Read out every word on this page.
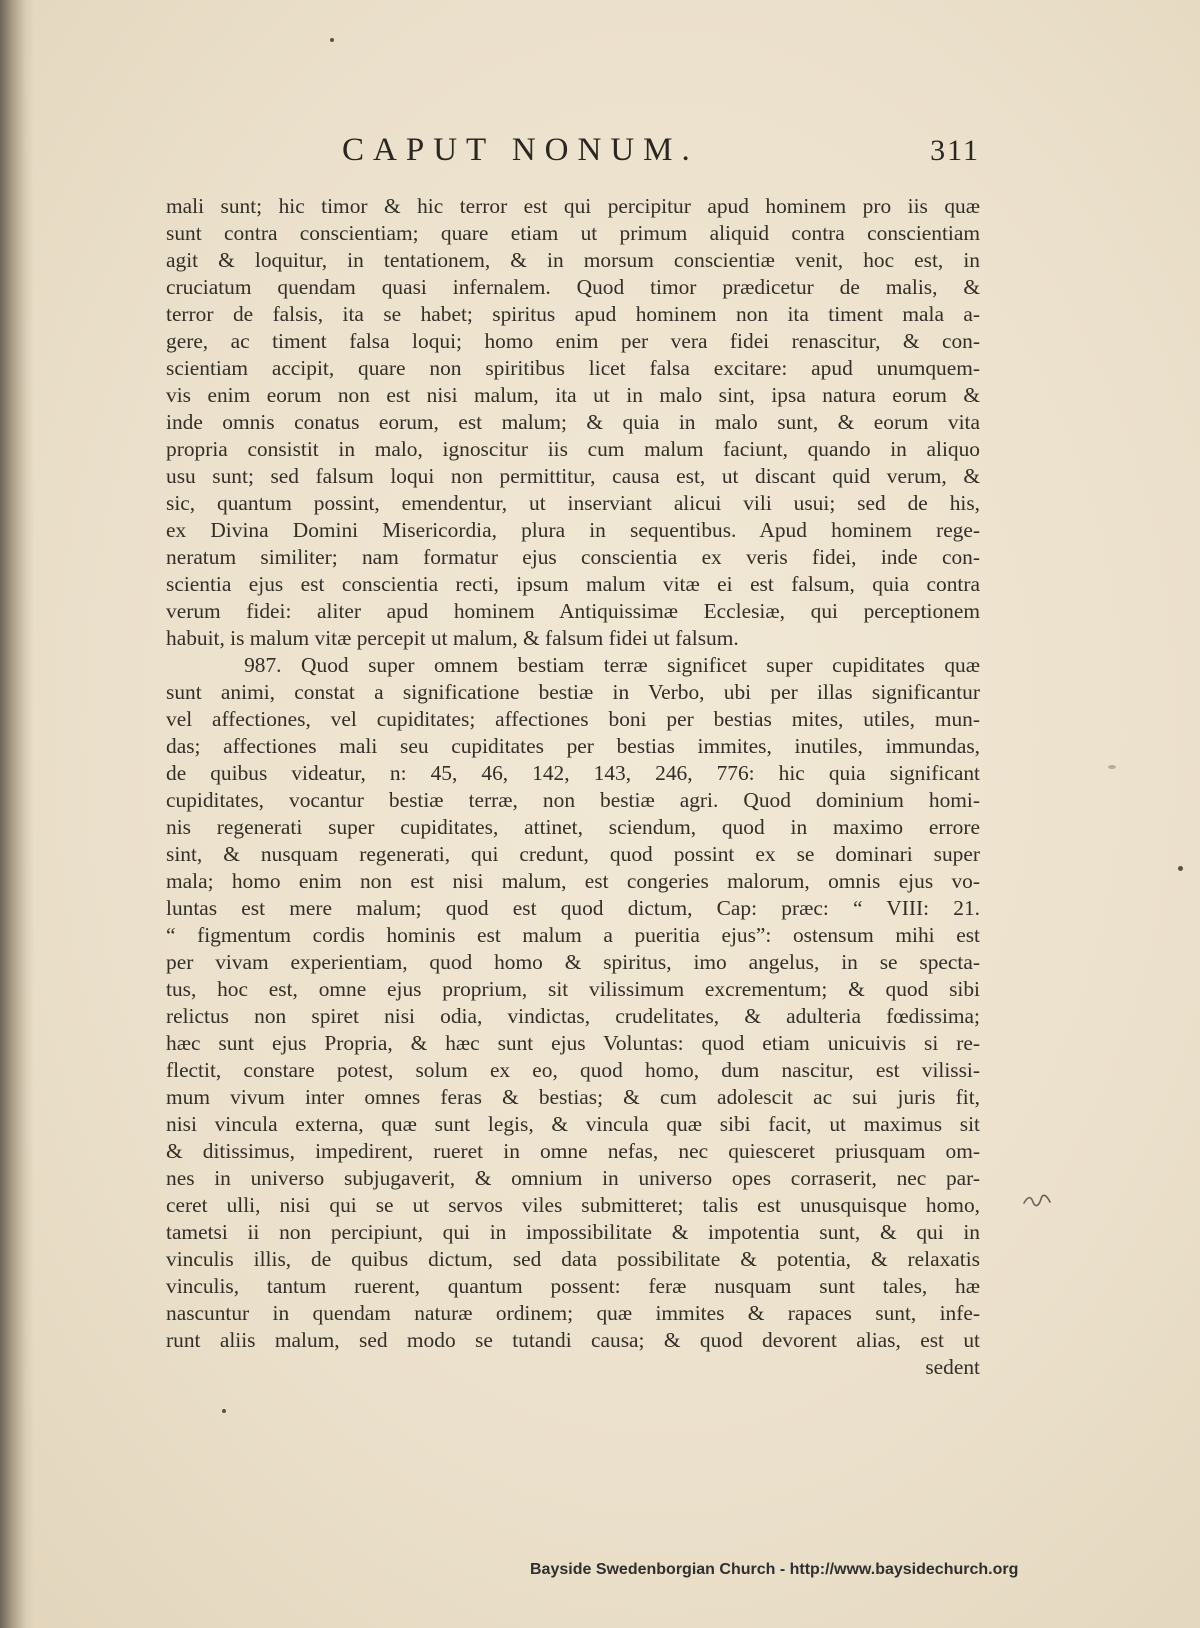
CAPUT NONUM.	311
mali sunt; hic timor & hic terror est qui percipitur apud hominem pro iis quæ
sunt contra conscientiam; quare etiam ut primum aliquid contra conscientiam
agit & loquitur, in tentationem, & in morsum conscientiæ venit, hoc est, in
cruciatum quendam quasi infernalem. Quod timor prædicetur de malis, &
terror de falsis, ita se habet; spiritus apud hominem non ita timent mala a-
gere, ac timent falsa loqui; homo enim per vera fidei renascitur, & con-
scientiam accipit, quare non spiritibus licet falsa excitare: apud unumquem-
vis enim eorum non est nisi malum, ita ut in malo sint, ipsa natura eorum &
inde omnis conatus eorum, est malum; & quia in malo sunt, & eorum vita
propria consistit in malo, ignoscitur iis cum malum faciunt, quando in aliquo
usu sunt; sed falsum loqui non permittitur, causa est, ut discant quid verum, &
sic, quantum possint, emendentur, ut inserviant alicui vili usui; sed de his,
ex Divina Domini Misericordia, plura in sequentibus. Apud hominem rege-
neratum similiter; nam formatur ejus conscientia ex veris fidei, inde con-
scientia ejus est conscientia recti, ipsum malum vitæ ei est falsum, quia contra
verum fidei: aliter apud hominem Antiquissimæ Ecclesiæ, qui perceptionem
habuit, is malum vitæ percepit ut malum, & falsum fidei ut falsum.
987. Quod super omnem bestiam terræ significet super cupiditates quæ
sunt animi, constat a significatione bestiæ in Verbo, ubi per illas significantur
vel affectiones, vel cupiditates; affectiones boni per bestias mites, utiles, mun-
das; affectiones mali seu cupiditates per bestias immites, inutiles, immundas,
de quibus videatur, n: 45, 46, 142, 143, 246, 776: hic quia significant
cupiditates, vocantur bestiæ terræ, non bestiæ agri. Quod dominium homi-
nis regenerati super cupiditates, attinet, sciendum, quod in maximo errore
sint, & nusquam regenerati, qui credunt, quod possint ex se dominari super
mala; homo enim non est nisi malum, est congeries malorum, omnis ejus vo-
luntas est mere malum; quod est quod dictum, Cap: præc: “ VIII: 21.
“ figmentum cordis hominis est malum a pueritia ejus”: ostensum mihi est
per vivam experientiam, quod homo & spiritus, imo angelus, in se specta-
tus, hoc est, omne ejus proprium, sit vilissimum excrementum; & quod sibi
relictus non spiret nisi odia, vindictas, crudelitates, & adulteria fœdissima;
hæc sunt ejus Propria, & hæc sunt ejus Voluntas: quod etiam unicuivis si re-
flectit, constare potest, solum ex eo, quod homo, dum nascitur, est vilissi-
mum vivum inter omnes feras & bestias; & cum adolescit ac sui juris fit,
nisi vincula externa, quæ sunt legis, & vincula quæ sibi facit, ut maximus sit
& ditissimus, impedirent, rueret in omne nefas, nec quiesceret priusquam om-
nes in universo subjugaverit, & omnium in universo opes corraserit, nec par-
ceret ulli, nisi qui se ut servos viles submitteret; talis est unusquisque homo,
tametsi ii non percipiunt, qui in impossibilitate & impotentia sunt, & qui in
vinculis illis, de quibus dictum, sed data possibilitate & potentia, & relaxatis
vinculis, tantum ruerent, quantum possent: feræ nusquam sunt tales, hæ
nascuntur in quendam naturæ ordinem; quæ immites & rapaces sunt, infe-
runt aliis malum, sed modo se tutandi causa; & quod devorent alias, est ut
sedent
Bayside Swedenborgian Church - http://www.baysidechurch.org
